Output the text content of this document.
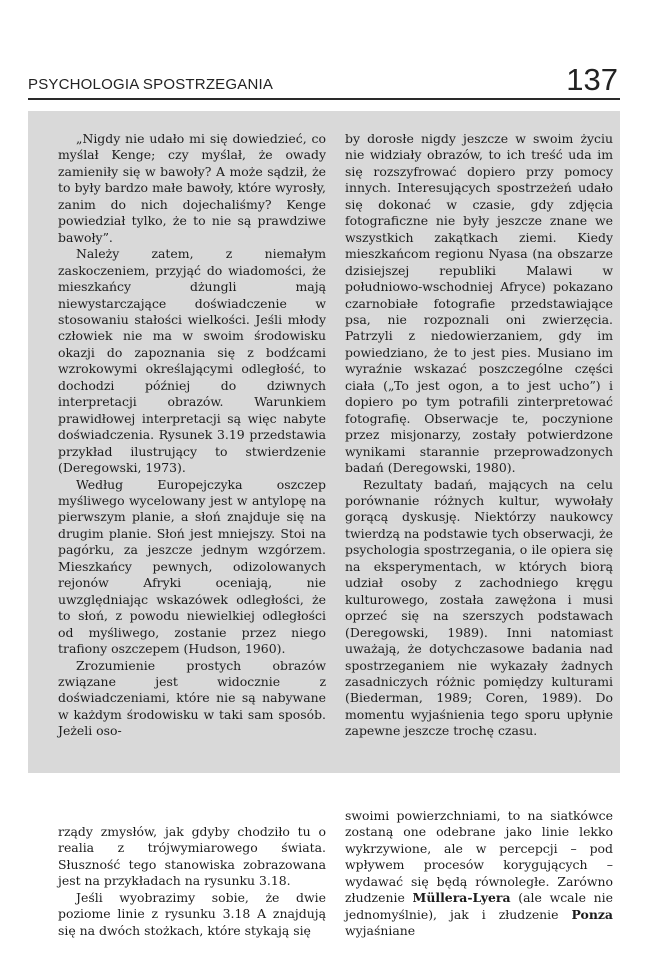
PSYCHOLOGIA SPOSTRZEGANIA	137

„Nigdy nie udało mi się dowiedzieć, co myślał Kenge; czy myślał, że owady zamieniły się w bawoły? A może sądził, że to były bardzo małe bawoły, które wyrosły, zanim do nich dojechaliśmy? Kenge powiedział tylko, że to nie są prawdziwe bawoły”.

Należy zatem, z niemałym zaskoczeniem, przyjąć do wiadomości, że mieszkańcy dżungli mają niewystarczające doświadczenie w stosowaniu stałości wielkości. Jeśli młody człowiek nie ma w swoim środowisku okazji do zapoznania się z bodźcami wzrokowymi określającymi odległość, to dochodzi później do dziwnych interpretacji obrazów. Warunkiem prawidłowej interpretacji są więc nabyte doświadczenia. Rysunek 3.19 przedstawia przykład ilustrujący to stwierdzenie (Deregowski, 1973).

Według Europejczyka oszczep myśliwego wycelowany jest w antylopę na pierwszym planie, a słoń znajduje się na drugim planie. Słoń jest mniejszy. Stoi na pagórku, za jeszcze jednym wzgórzem. Mieszkańcy pewnych, odizolowanych rejonów Afryki oceniają, nie uwzględniając wskazówek odległości, że to słoń, z powodu niewielkiej odległości od myśliwego, zostanie przez niego trafiony oszczepem (Hudson, 1960).

Zrozumienie prostych obrazów związane jest widocznie z doświadczeniami, które nie są nabywane w każdym środowisku w taki sam sposób. Jeżeli oso-

by dorosłe nigdy jeszcze w swoim życiu nie widziały obrazów, to ich treść uda im się rozszyfrować dopiero przy pomocy innych. Interesujących spostrzeżeń udało się dokonać w czasie, gdy zdjęcia fotograficzne nie były jeszcze znane we wszystkich zakątkach ziemi. Kiedy mieszkańcom regionu Nyasa (na obszarze dzisiejszej republiki Malawi w południowo-wschodniej Afryce) pokazano czarnobiałe fotografie przedstawiające psa, nie rozpoznali oni zwierzęcia. Patrzyli z niedowierzaniem, gdy im powiedziano, że to jest pies. Musiano im wyraźnie wskazać poszczególne części ciała („To jest ogon, a to jest ucho”) i dopiero po tym potrafili zinterpretować fotografię. Obserwacje te, poczynione przez misjonarzy, zostały potwierdzone wynikami starannie przeprowadzonych badań (Deregowski, 1980).

Rezultaty badań, mających na celu porównanie różnych kultur, wywołały gorącą dyskusję. Niektórzy naukowcy twierdzą na podstawie tych obserwacji, że psychologia spostrzegania, o ile opiera się na eksperymentach, w których biorą udział osoby z zachodniego kręgu kulturowego, została zawężona i musi oprzeć się na szerszych podstawach (Deregowski, 1989). Inni natomiast uważają, że dotychczasowe badania nad spostrzeganiem nie wykazały żadnych zasadniczych różnic pomiędzy kulturami (Biederman, 1989; Coren, 1989). Do momentu wyjaśnienia tego sporu upłynie zapewne jeszcze trochę czasu.

rządy zmysłów, jak gdyby chodziło tu o realia z trójwymiarowego świata. Słuszność tego stanowiska zobrazowana jest na przykładach na rysunku 3.18.

Jeśli wyobrazimy sobie, że dwie poziome linie z rysunku 3.18 A znajdują się na dwóch stożkach, które stykają się

swoimi powierzchniami, to na siatkówce zostaną one odebrane jako linie lekko wykrzywione, ale w percepcji – pod wpływem procesów korygujących – wydawać się będą równoległe. Zarówno złudzenie Müllera-Lyera (ale wcale nie jednomyślnie), jak i złudzenie Ponza wyjaśniane
